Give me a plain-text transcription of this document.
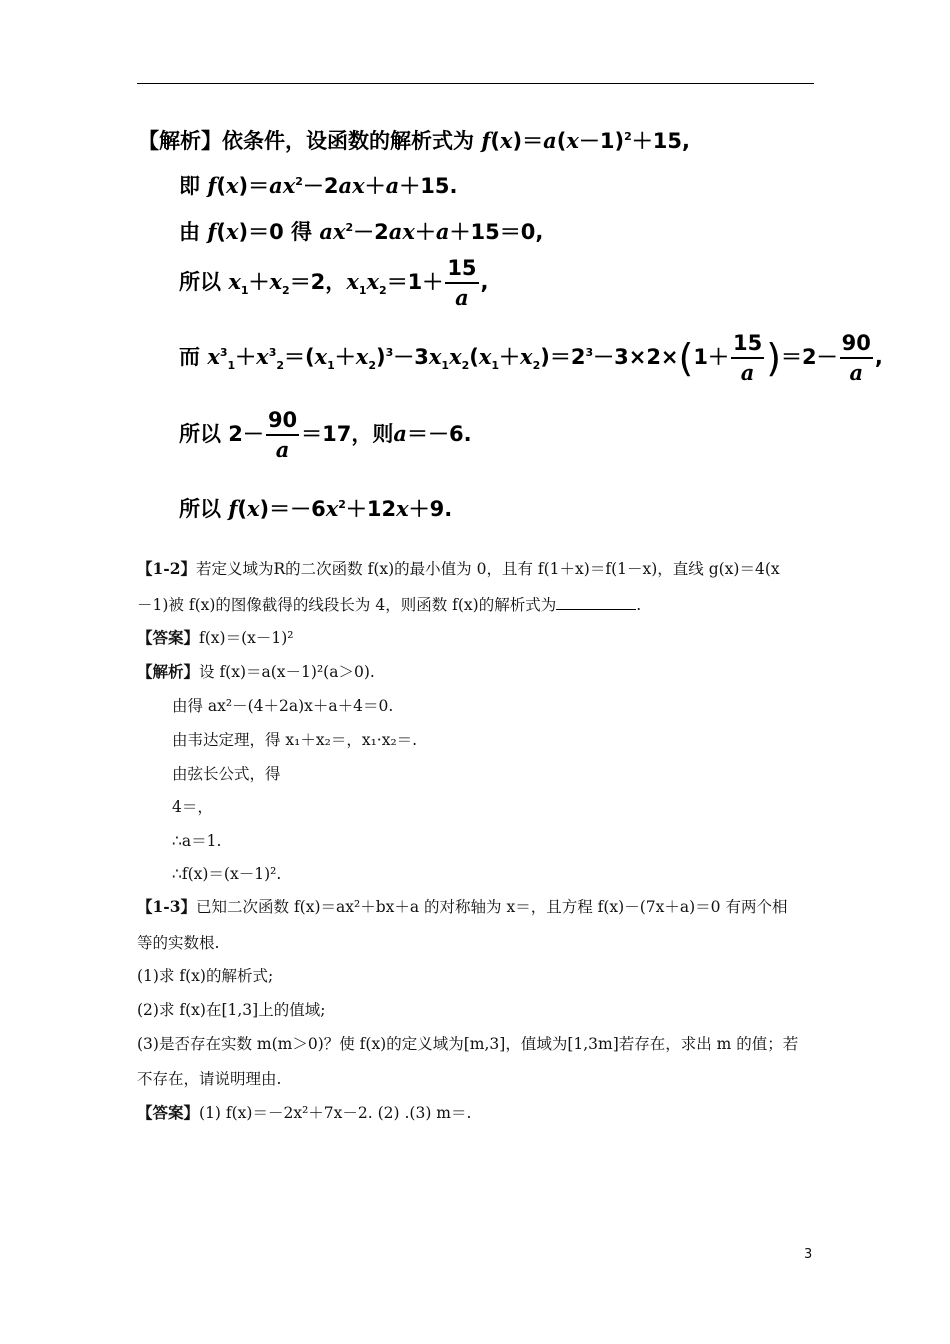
【解析】依条件，设函数的解析式为 $f(x)=a(x-1)^2+15$,
即 $f(x)=ax^2-2ax+a+15$.
由 f(x)＝0 得 $ax^2-2ax+a+15=0$,
所以 $x_1+x_2=2$，$x_1x_2=1+ \frac{15}{a}$ ,
而 $x^3_1+x^3_2=(x_1+x_2)^3-3x_1x_2(x_1+x_2)=2^3-3\times 2\times(1+ \frac{15}{a} )=2- \frac{90}{a}$ ,
所以 $2- \frac{90}{a} =17$，则a＝－6.
所以 $f(x)=-6x^2+12x+9$.
【1-2】若定义域为R的二次函数 f(x)的最小值为 0，且有 f(1＋x)＝f(1－x)，直线 g(x)＝4(x
－1)被 f(x)的图像截得的线段长为 4，则函数 f(x)的解析式为	.
【答案】f(x)＝(x－1)²
【解析】设 f(x)＝a(x－1)²(a＞0).
由得 ax²－(4＋2a)x＋a＋4＝0.
由韦达定理，得 x₁＋x₂＝，x₁·x₂＝.
由弦长公式，得
4＝，
∴a＝1.
∴f(x)＝(x－1)².
【1-3】已知二次函数 f(x)＝ax²＋bx＋a 的对称轴为 x＝，且方程 f(x)－(7x＋a)＝0 有两个相
等的实数根.
(1)求 f(x)的解析式;
(2)求 f(x)在[1,3]上的值域;
(3)是否存在实数 m(m＞0)？使 f(x)的定义域为[m,3]，值域为[1,3m]若存在，求出 m 的值；若
不存在，请说明理由.
【答案】(1) f(x)＝－2x²＋7x－2. (2) .(3) m＝.
3
